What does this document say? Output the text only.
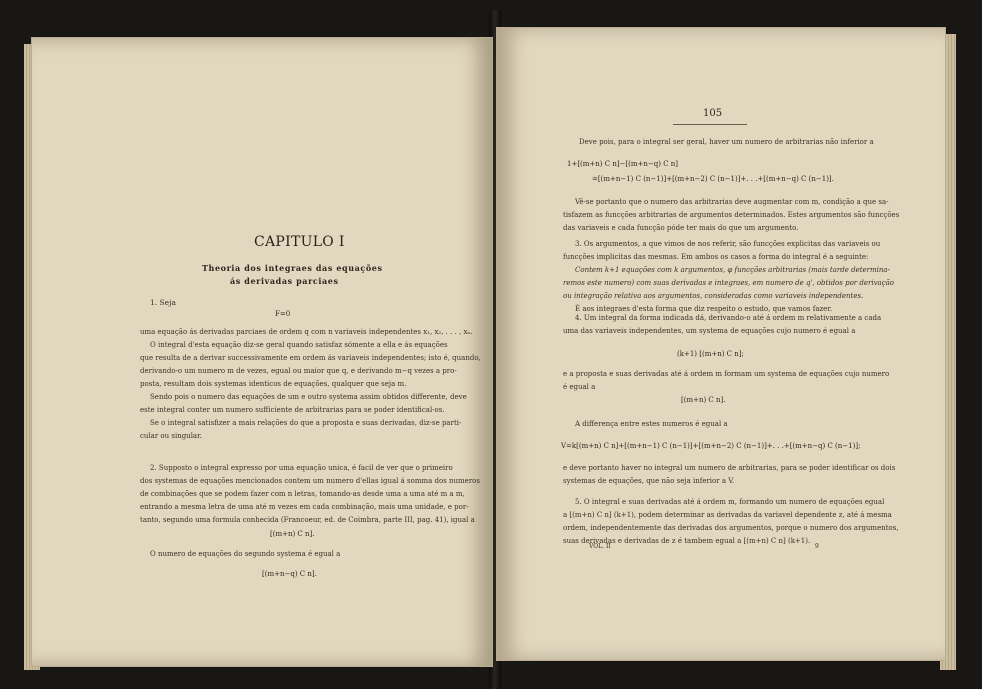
CAPITULO I
Theoria dos integraes das equações
ás derivadas parciaes
1. Seja
F=0
uma equação ás derivadas parciaes de ordem q com n variaveis independentes x₁, x₂, . . . , xₙ.
O integral d'esta equação diz-se geral quando satisfaz sómente a ella e ás equações
que resulta de a derivar successivamente em ordem ás variaveis independentes; isto é, quando,
derivando-o um numero m de vezes, egual ou maior que q, e derivando m−q vezes a pro-
posta, resultam dois systemas identicos de equações, qualquer que seja m.
Sendo pois o numero das equações de um e outro systema assim obtidos differente, deve
este integral conter um numero sufficiente de arbitrarias para se poder identifical-os.
Se o integral satisfizer a mais relações do que a proposta e suas derivadas, diz-se parti-
cular ou singular.
2. Supposto o integral expresso por uma equação unica, é facil de ver que o primeiro
dos systemas de equações mencionados contem um numero d'ellas igual á somma dos numeros
de combinações que se podem fazer com n letras, tomando-as desde uma a uma até m a m,
entrando a mesma letra de uma até m vezes em cada combinação, mais uma unidade, e por-
tanto, segundo uma formula conhecida (Francoeur, ed. de Coimbra, parte III, pag. 41), igual a
[(m+n) C n].
O numero de equações do segundo systema é egual a
[(m+n−q) C n].
105
Deve pois, para o integral ser geral, haver um numero de arbitrarias não inferior a
1+[(m+n) C n]−[(m+n−q) C n]
=[(m+n−1) C (n−1)]+[(m+n−2) C (n−1)]+. . .+[(m+n−q) C (n−1)].
Vê-se portanto que o numero das arbitrarias deve augmentar com m, condição a que sa-
tisfazem as funcções arbitrarias de argumentos determinados. Estes argumentos são funcções
das variaveis e cada funcção póde ter mais do que um argumento.
3. Os argumentos, a que vimos de nos referir, são funcções explicitas das variaveis ou
funcções implicitas das mesmas. Em ambos os casos a forma do integral é a seguinte:
Contem k+1 equações com k argumentos, φ funcções arbitrarias (mais tarde determina-
remos este numero) com suas derivadas e integraes, em numero de q', obtidos por derivação
ou integração relativa aos argumentos, consideradas como variaveis independentes.
É aos integraes d'esta forma que diz respeito o estudo, que vamos fazer.
4. Um integral da forma indicada dá, derivando-o até á ordem m relativamente a cada
uma das variaveis independentes, um systema de equações cujo numero é egual a
(k+1) [(m+n) C n];
e a proposta e suas derivadas até á ordem m formam um systema de equações cujo numero
é egual a
[(m+n) C n].
A differença entre estes numeros é egual a
V=k[(m+n) C n]+[(m+n−1) C (n−1)]+[(m+n−2) C (n−1)]+. . .+[(m+n−q) C (n−1)];
e deve portanto haver no integral um numero de arbitrarias, para se poder identificar os dois
systemas de equações, que não seja inferior a V.
5. O integral e suas derivadas até á ordem m, formando um numero de equações egual
a [(m+n) C n] (k+1), podem determinar as derivadas da variavel dependente z, até á mesma
ordem, independentemente das derivadas dos argumentos, porque o numero dos argumentos,
suas derivadas e derivadas de z é tambem egual a [(m+n) C n] (k+1).
VOL. II	9
